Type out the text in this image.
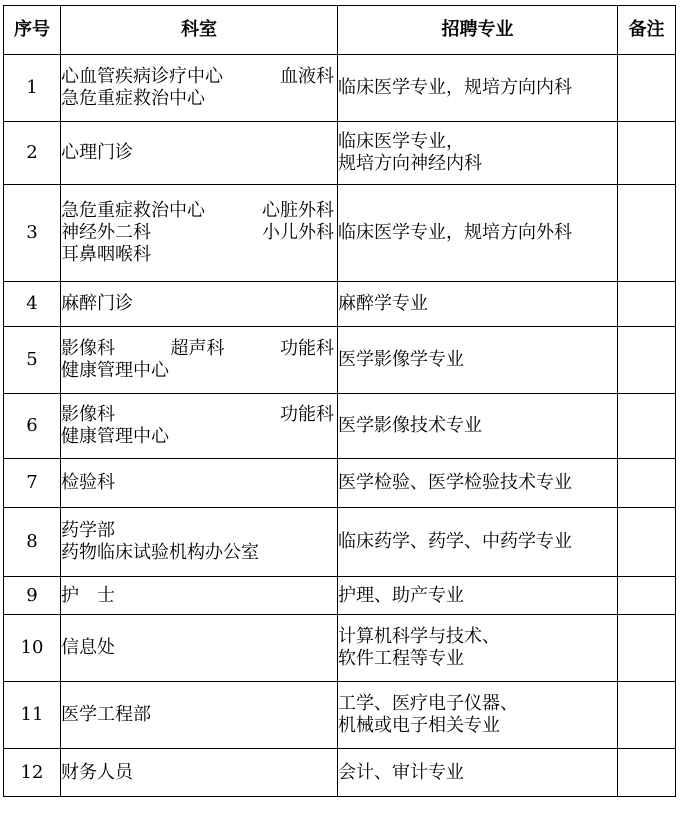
序号	科室	招聘专业	备注
1	心血管疾病诊疗中心 血液科
急危重症救治中心	临床医学专业，规培方向内科	

2	心理门诊	临床医学专业，
规培方向神经内科	

3	急危重症救治中心 心脏外科
神经外二科 小儿外科
耳鼻咽喉科	临床医学专业，规培方向外科	

4	麻醉门诊	麻醉学专业	

5	影像科 超声科 功能科
健康管理中心	医学影像学专业	

6	影像科 功能科
健康管理中心	医学影像技术专业	

7	检验科	医学检验、医学检验技术专业	

8	药学部
药物临床试验机构办公室	临床药学、药学、中药学专业	

9	护　士	护理、助产专业	

10	信息处	计算机科学与技术、
软件工程等专业	

11	医学工程部	工学、医疗电子仪器、
机械或电子相关专业	

12	财务人员	会计、审计专业	
